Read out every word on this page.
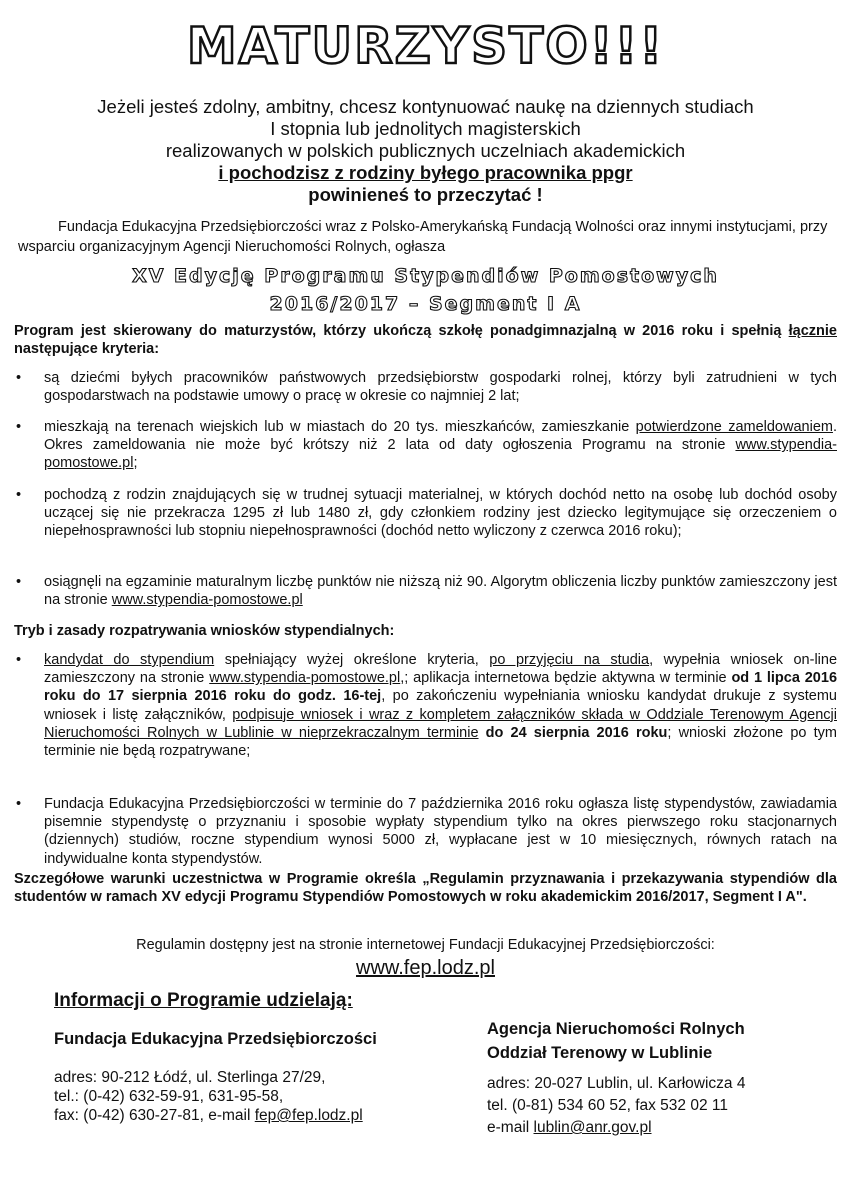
MATURZYSTO!!!
Jeżeli jesteś zdolny, ambitny, chcesz kontynuować naukę na dziennych studiach
I stopnia lub jednolitych magisterskich
realizowanych w polskich publicznych uczelniach akademickich
i pochodzisz z rodziny byłego pracownika ppgr
powinieneś to przeczytać !
Fundacja Edukacyjna Przedsiębiorczości wraz z Polsko-Amerykańską Fundacją Wolności oraz innymi instytucjami, przy wsparciu organizacyjnym Agencji Nieruchomości Rolnych, ogłasza
XV Edycję Programu Stypendiów Pomostowych
2016/2017 – Segment I A
Program jest skierowany do maturzystów, którzy ukończą szkołę ponadgimnazjalną w 2016 roku i spełnią łącznie następujące kryteria:
• są dziećmi byłych pracowników państwowych przedsiębiorstw gospodarki rolnej, którzy byli zatrudnieni w tych gospodarstwach na podstawie umowy o pracę w okresie co najmniej 2 lat;
• mieszkają na terenach wiejskich lub w miastach do 20 tys. mieszkańców, zamieszkanie potwierdzone zameldowaniem. Okres zameldowania nie może być krótszy niż 2 lata od daty ogłoszenia Programu na stronie www.stypendia-pomostowe.pl;
• pochodzą z rodzin znajdujących się w trudnej sytuacji materialnej, w których dochód netto na osobę lub dochód osoby uczącej się nie przekracza 1295 zł lub 1480 zł, gdy członkiem rodziny jest dziecko legitymujące się orzeczeniem o niepełnosprawności lub stopniu niepełnosprawności (dochód netto wyliczony z czerwca 2016 roku);
• osiągnęli na egzaminie maturalnym liczbę punktów nie niższą niż 90. Algorytm obliczenia liczby punktów zamieszczony jest na stronie www.stypendia-pomostowe.pl
Tryb i zasady rozpatrywania wniosków stypendialnych:
• kandydat do stypendium spełniający wyżej określone kryteria, po przyjęciu na studia, wypełnia wniosek on-line zamieszczony na stronie www.stypendia-pomostowe.pl,; aplikacja internetowa będzie aktywna w terminie od 1 lipca 2016 roku do 17 sierpnia 2016 roku do godz. 16-tej, po zakończeniu wypełniania wniosku kandydat drukuje z systemu wniosek i listę załączników, podpisuje wniosek i wraz z kompletem załączników składa w Oddziale Terenowym Agencji Nieruchomości Rolnych w Lublinie w nieprzekraczalnym terminie do 24 sierpnia 2016 roku; wnioski złożone po tym terminie nie będą rozpatrywane;
• Fundacja Edukacyjna Przedsiębiorczości w terminie do 7 października 2016 roku ogłasza listę stypendystów, zawiadamia pisemnie stypendystę o przyznaniu i sposobie wypłaty stypendium tylko na okres pierwszego roku stacjonarnych (dziennych) studiów, roczne stypendium wynosi 5000 zł, wypłacane jest w 10 miesięcznych, równych ratach na indywidualne konta stypendystów.
Szczegółowe warunki uczestnictwa w Programie określa „Regulamin przyznawania i przekazywania stypendiów dla studentów w ramach XV edycji Programu Stypendiów Pomostowych w roku akademickim 2016/2017, Segment I A".
Regulamin dostępny jest na stronie internetowej Fundacji Edukacyjnej Przedsiębiorczości:
www.fep.lodz.pl
Informacji o Programie udzielają:
Fundacja Edukacyjna Przedsiębiorczości
adres: 90-212 Łódź, ul. Sterlinga 27/29,
tel.: (0-42) 632-59-91, 631-95-58,
fax: (0-42) 630-27-81, e-mail fep@fep.lodz.pl
Agencja Nieruchomości Rolnych
Oddział Terenowy w Lublinie
adres: 20-027 Lublin, ul. Karłowicza 4
tel. (0-81) 534 60 52, fax 532 02 11
e-mail lublin@anr.gov.pl
